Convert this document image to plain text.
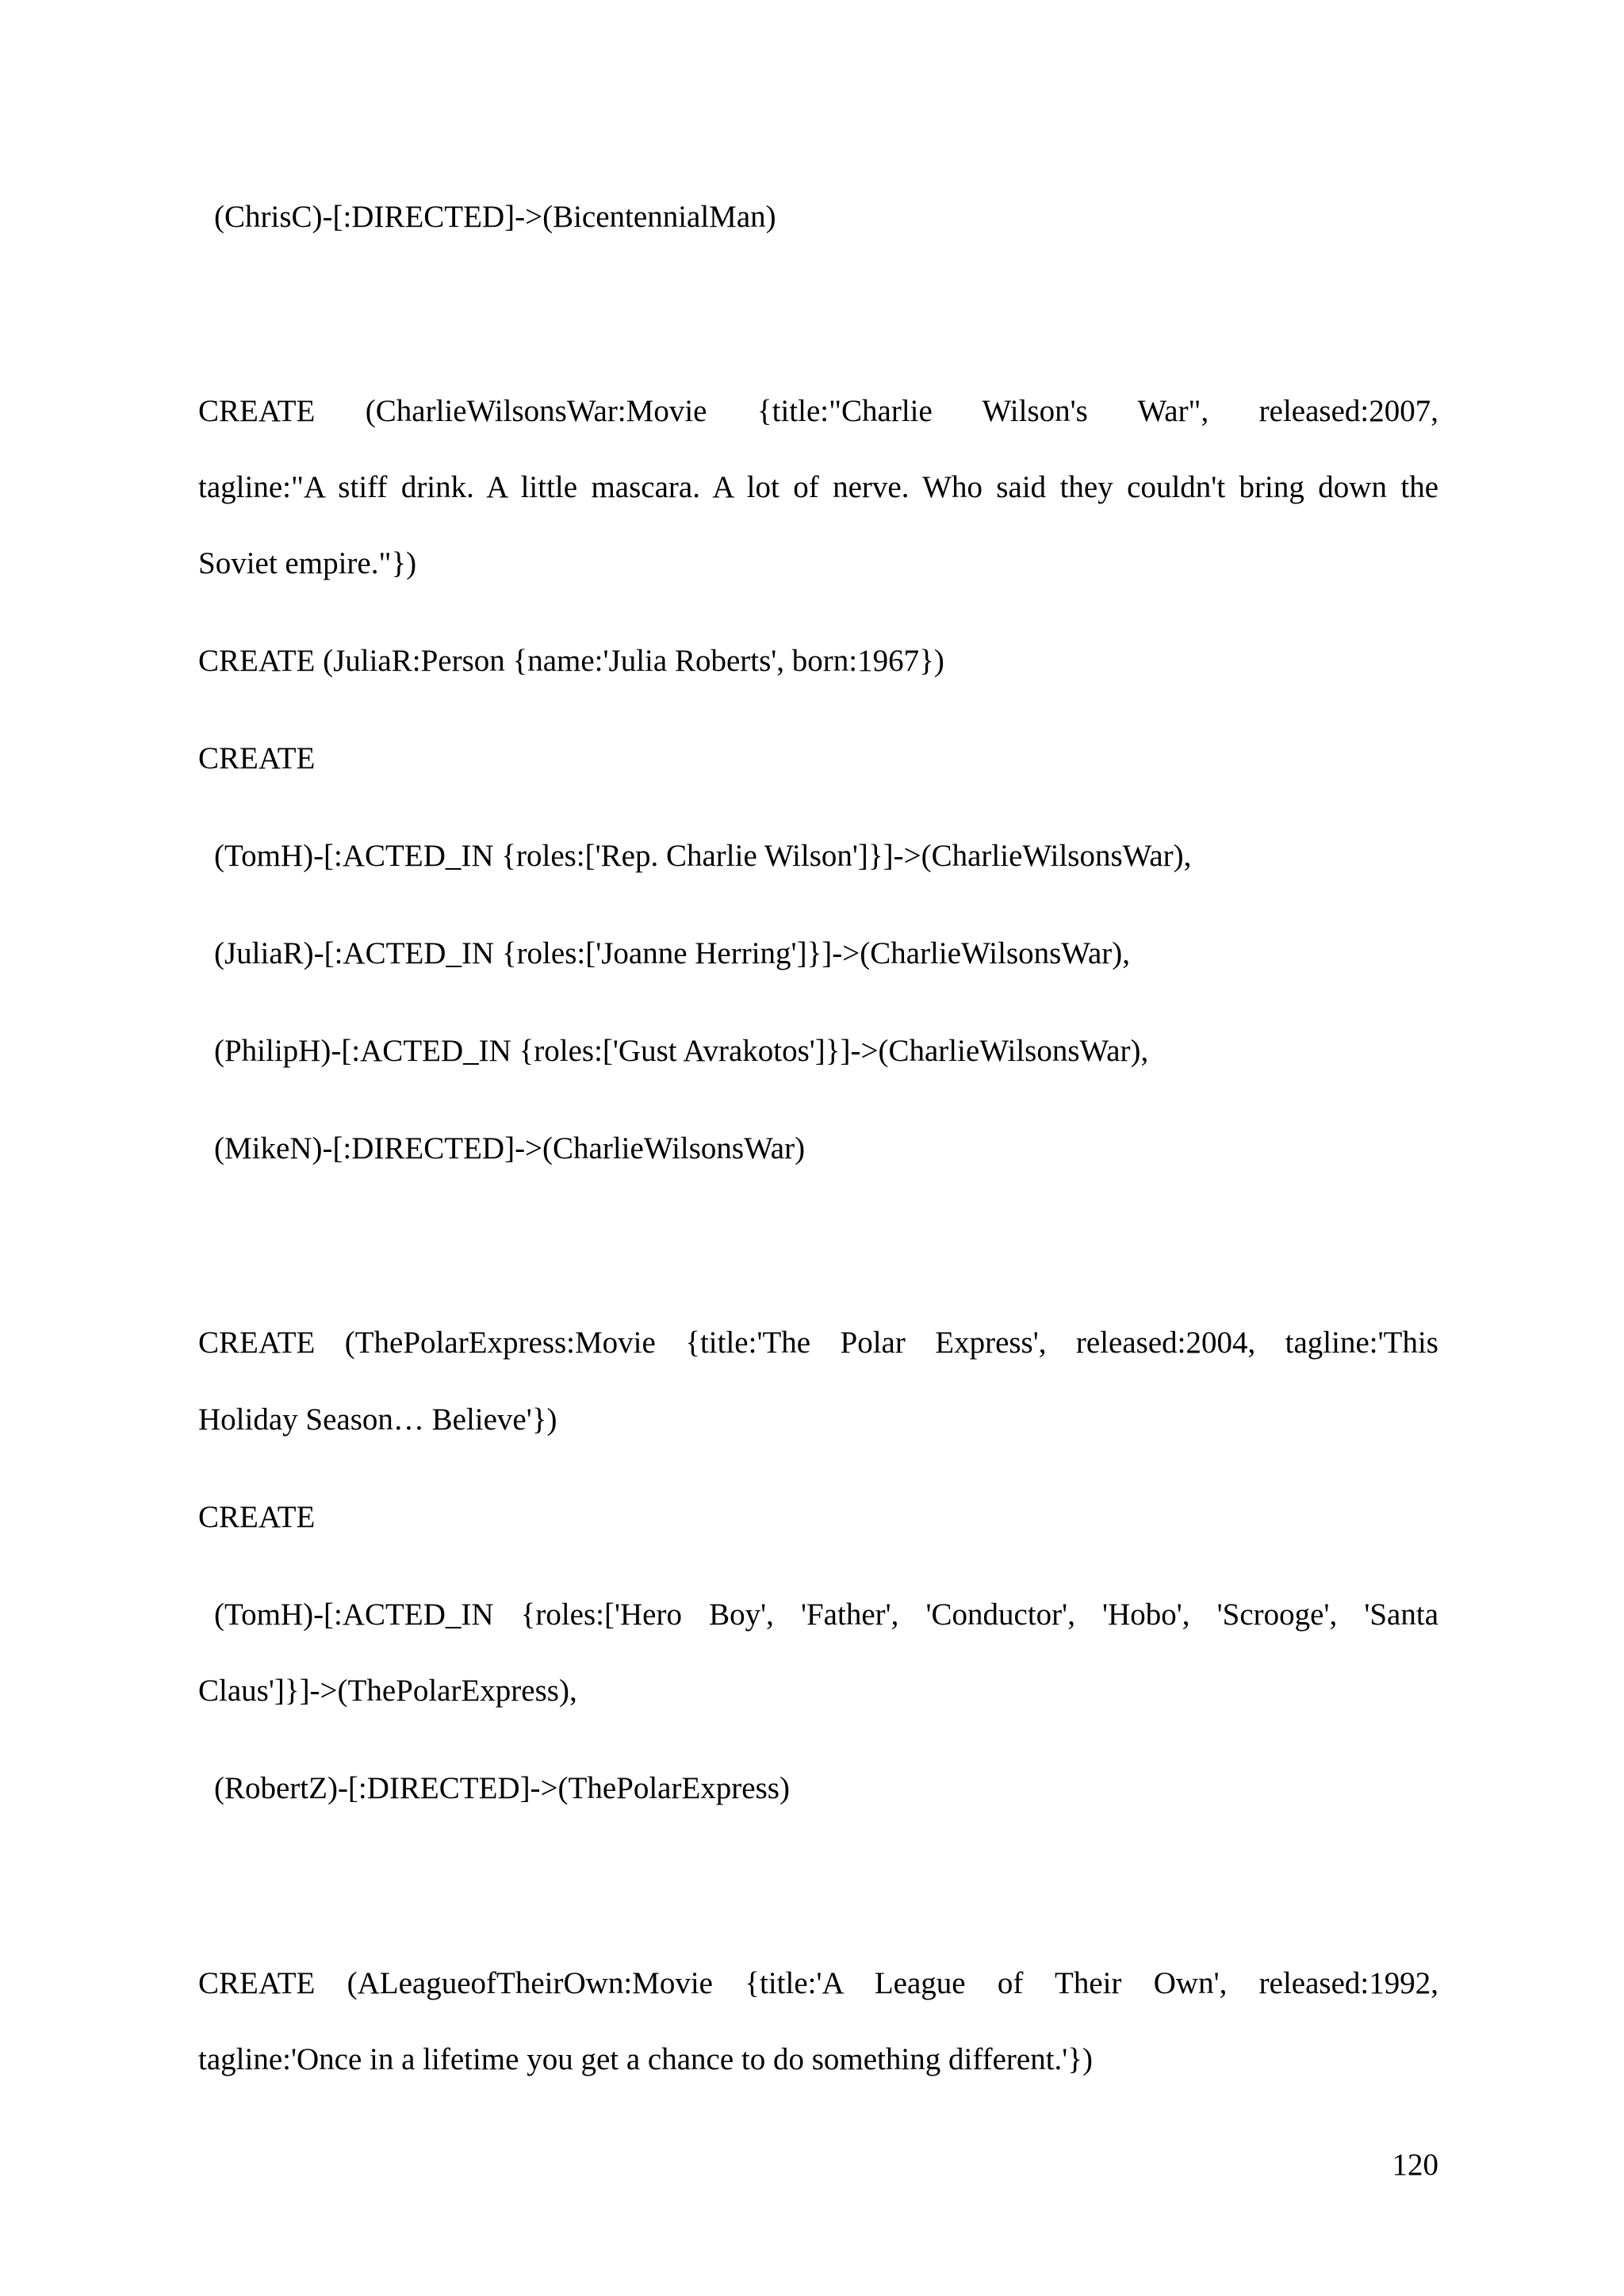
(ChrisC)-[:DIRECTED]->(BicentennialMan)
CREATE (CharlieWilsonsWar:Movie {title:"Charlie Wilson's War", released:2007,
tagline:"A stiff drink. A little mascara. A lot of nerve. Who said they couldn't bring down the
Soviet empire."})
CREATE (JuliaR:Person {name:'Julia Roberts', born:1967})
CREATE
(TomH)-[:ACTED_IN {roles:['Rep. Charlie Wilson']}]->(CharlieWilsonsWar),
(JuliaR)-[:ACTED_IN {roles:['Joanne Herring']}]->(CharlieWilsonsWar),
(PhilipH)-[:ACTED_IN {roles:['Gust Avrakotos']}]->(CharlieWilsonsWar),
(MikeN)-[:DIRECTED]->(CharlieWilsonsWar)
CREATE (ThePolarExpress:Movie {title:'The Polar Express', released:2004, tagline:'This
Holiday Season… Believe'})
CREATE
(TomH)-[:ACTED_IN {roles:['Hero Boy', 'Father', 'Conductor', 'Hobo', 'Scrooge', 'Santa
Claus']}]->(ThePolarExpress),
(RobertZ)-[:DIRECTED]->(ThePolarExpress)
CREATE (ALeagueofTheirOwn:Movie {title:'A League of Their Own', released:1992,
tagline:'Once in a lifetime you get a chance to do something different.'})
120
